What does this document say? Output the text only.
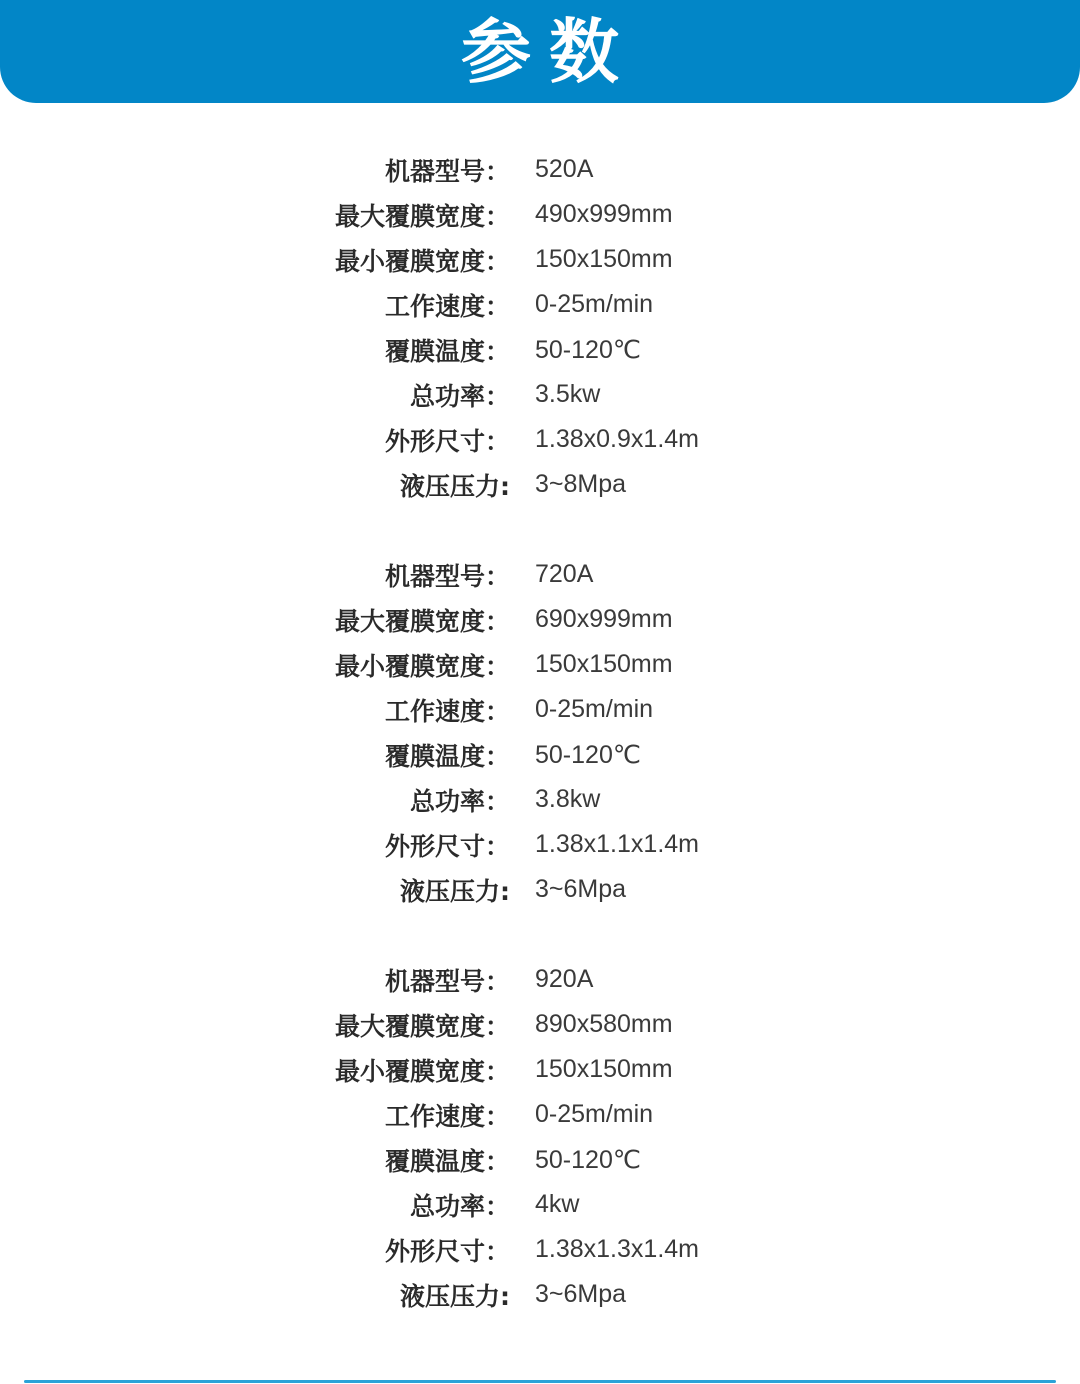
参数
机器型号： 520A
最大覆膜宽度： 490x999mm
最小覆膜宽度： 150x150mm
工作速度： 0-25m/min
覆膜温度： 50-120℃
总功率： 3.5kw
外形尺寸： 1.38x0.9x1.4m
液压压力: 3~8Mpa
机器型号： 720A
最大覆膜宽度： 690x999mm
最小覆膜宽度： 150x150mm
工作速度： 0-25m/min
覆膜温度： 50-120℃
总功率： 3.8kw
外形尺寸： 1.38x1.1x1.4m
液压压力: 3~6Mpa
机器型号： 920A
最大覆膜宽度： 890x580mm
最小覆膜宽度： 150x150mm
工作速度： 0-25m/min
覆膜温度： 50-120℃
总功率： 4kw
外形尺寸： 1.38x1.3x1.4m
液压压力: 3~6Mpa
